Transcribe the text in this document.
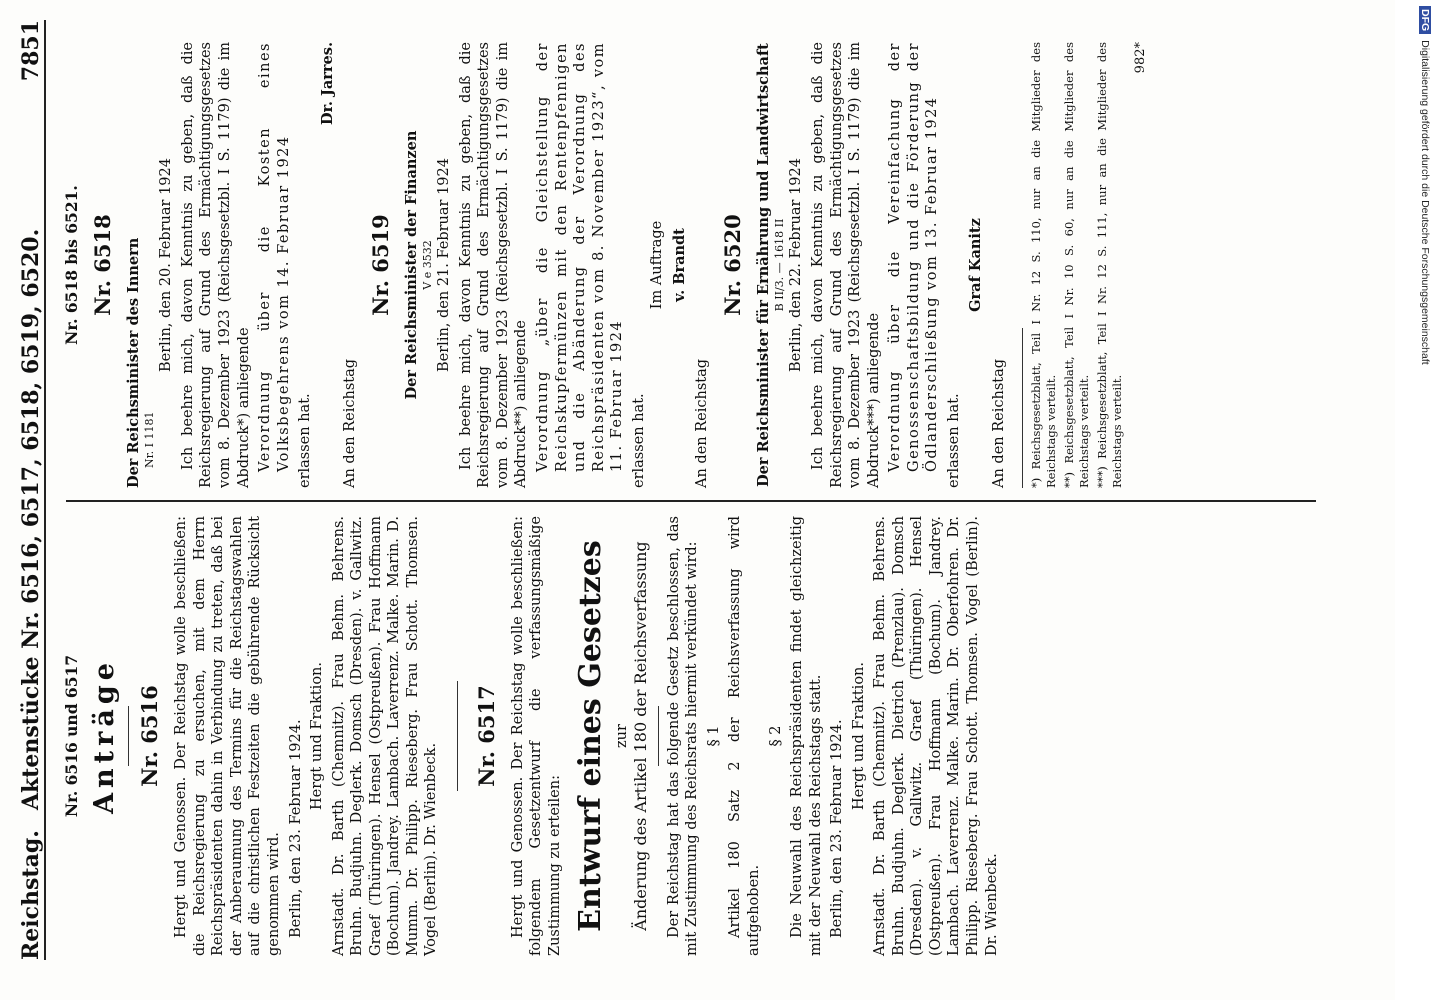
Reichstag.
Aktenstücke Nr. 6516, 6517, 6518, 6519, 6520.
7851
Nr. 6516 und 6517 Anträge Nr. 6516 Hergt und Genossen. Der Reichstag wolle beschließen: die Reichsregierung zu ersuchen, mit dem Herrn Reichspräsidenten dahin in Verbindung zu treten, daß bei der Anberaumung des Termins für die Reichstagswahlen auf die christlichen Festzeiten die gebührende Rücksicht genommen wird. Berlin, den 23. Februar 1924. Hergt und Fraktion. Arnstadt. Dr. Barth (Chemnitz). Frau Behm. Behrens. Bruhn. Budjuhn. Deglerk. Domsch (Dresden). v. Gallwitz. Graef (Thüringen). Hensel (Ostpreußen). Frau Hoffmann (Bochum). Jandrey. Lambach. Laverrenz. Malke. Marin. D. Mumm. Dr. Philipp. Rieseberg. Frau Schott. Thomsen. Vogel (Berlin). Dr. Wienbeck.

Nr. 6517 Hergt und Genossen. Der Reichstag wolle beschließen: folgendem Gesetzentwurf die verfassungsmäßige Zustimmung zu erteilen: Entwurf eines Gesetzes zur Änderung des Artikel 180 der Reichsverfassung Der Reichstag hat das folgende Gesetz beschlossen, das mit Zustimmung des Reichsrats hiermit verkündet wird: § 1 Artikel 180 Satz 2 der Reichsverfassung wird aufgehoben.

§ 2 Die Neuwahl des Reichspräsidenten findet gleichzeitig mit der Neuwahl des Reichstags statt. Berlin, den 23. Februar 1924. Hergt und Fraktion. Arnstadt. Dr. Barth (Chemnitz). Frau Behm. Behrens. Bruhn. Budjuhn. Deglerk. Dietrich (Prenzlau). Domsch (Dresden). v. Gallwitz. Graef (Thüringen). Hensel (Ostpreußen). Frau Hoffmann (Bochum). Jandrey. Lambach. Laverrenz. Malke. Marin. Dr. Oberfohren. Dr. Philipp. Rieseberg. Frau Schott. Thomsen. Vogel (Berlin). Dr. Wienbeck.

Nr. 6518 bis 6521. Nr. 6518 Der Reichsminister des Innern Nr. I 1181
Berlin, den 20. Februar 1924 Ich beehre mich, davon Kenntnis zu geben, daß die Reichsregierung auf Grund des Ermächtigungsgesetzes vom 8. Dezember 1923 (Reichsgesetzbl. I S. 1179) die im Abdruck*) anliegende Verordnung über die Kosten eines Volksbegehrens vom 14. Februar 1924 erlassen hat.
Dr. Jarres.
An den Reichstag
Nr. 6519 Der Reichsminister der Finanzen V e 3532 Berlin, den 21. Februar 1924 Ich beehre mich, davon Kenntnis zu geben, daß die Reichsregierung auf Grund des Ermächtigungsgesetzes vom 8. Dezember 1923 (Reichsgesetzbl. I S. 1179) die im Abdruck**) anliegende Verordnung „über die Gleichstellung der Reichskupfermünzen mit den Rentenpfennigen und die Abänderung der Verordnung des Reichspräsidenten vom 8. November 1923“, vom 11. Februar 1924 erlassen hat.
Im Auftrage v. Brandt
An den Reichstag
Nr. 6520 Der Reichsminister für Ernährung und Landwirtschaft B II/3. — 1618 II Berlin, den 22. Februar 1924 Ich beehre mich, davon Kenntnis zu geben, daß die Reichsregierung auf Grund des Ermächtigungsgesetzes vom 8. Dezember 1923 (Reichsgesetzbl. I S. 1179) die im Abdruck***) anliegende Verordnung über die Vereinfachung der Genossenschaftsbildung und die Förderung der Ödlanderschließung vom 13. Februar 1924 erlassen hat.
Graf Kanitz
An den Reichstag *) Reichsgesetzblatt, Teil I Nr. 12 S. 110, nur an die Mitglieder des Reichstags verteilt. **) Reichsgesetzblatt, Teil I Nr. 10 S. 60, nur an die Mitglieder des Reichstags verteilt. ***) Reichsgesetzblatt, Teil I Nr. 12 S. 111, nur an die Mitglieder des Reichstags verteilt.

982*
DFGDigitalisierung gefördert durch die Deutsche Forschungsgemeinschaft
